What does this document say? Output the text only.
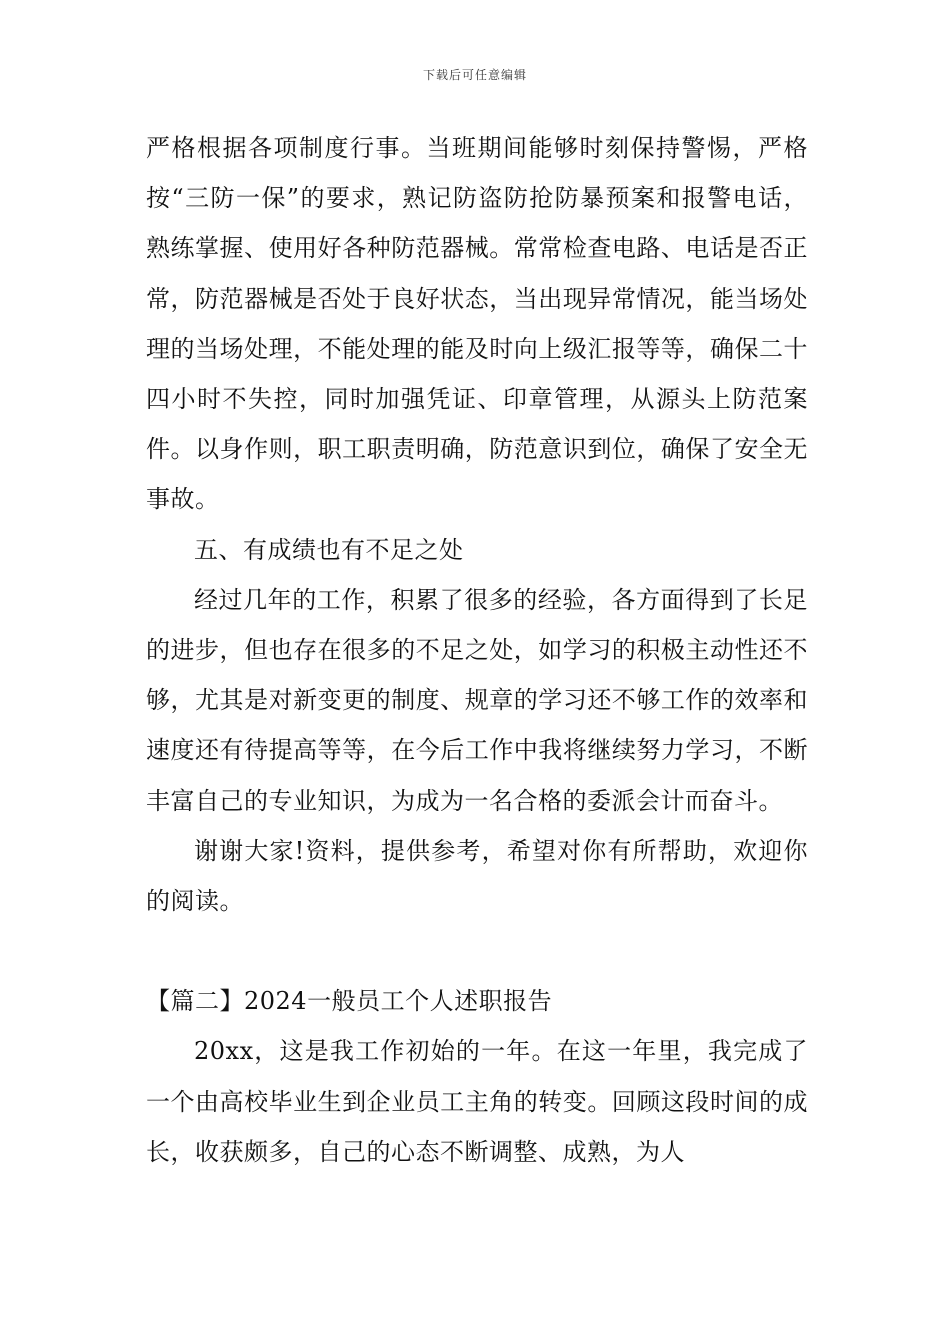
下载后可任意编辑

严格根据各项制度行事。当班期间能够时刻保持警惕，严格按“三防一保”的要求，熟记防盗防抢防暴预案和报警电话，熟练掌握、使用好各种防范器械。常常检查电路、电话是否正常，防范器械是否处于良好状态，当出现异常情况，能当场处理的当场处理，不能处理的能及时向上级汇报等等，确保二十四小时不失控，同时加强凭证、印章管理，从源头上防范案件。以身作则，职工职责明确，防范意识到位，确保了安全无事故。

五、有成绩也有不足之处

经过几年的工作，积累了很多的经验，各方面得到了长足的进步，但也存在很多的不足之处，如学习的积极主动性还不够，尤其是对新变更的制度、规章的学习还不够工作的效率和速度还有待提高等等，在今后工作中我将继续努力学习，不断丰富自己的专业知识，为成为一名合格的委派会计而奋斗。

谢谢大家!资料，提供参考，希望对你有所帮助，欢迎你的阅读。

【篇二】2024一般员工个人述职报告

20xx，这是我工作初始的一年。在这一年里，我完成了一个由高校毕业生到企业员工主角的转变。回顾这段时间的成长，收获颇多，自己的心态不断调整、成熟，为人
